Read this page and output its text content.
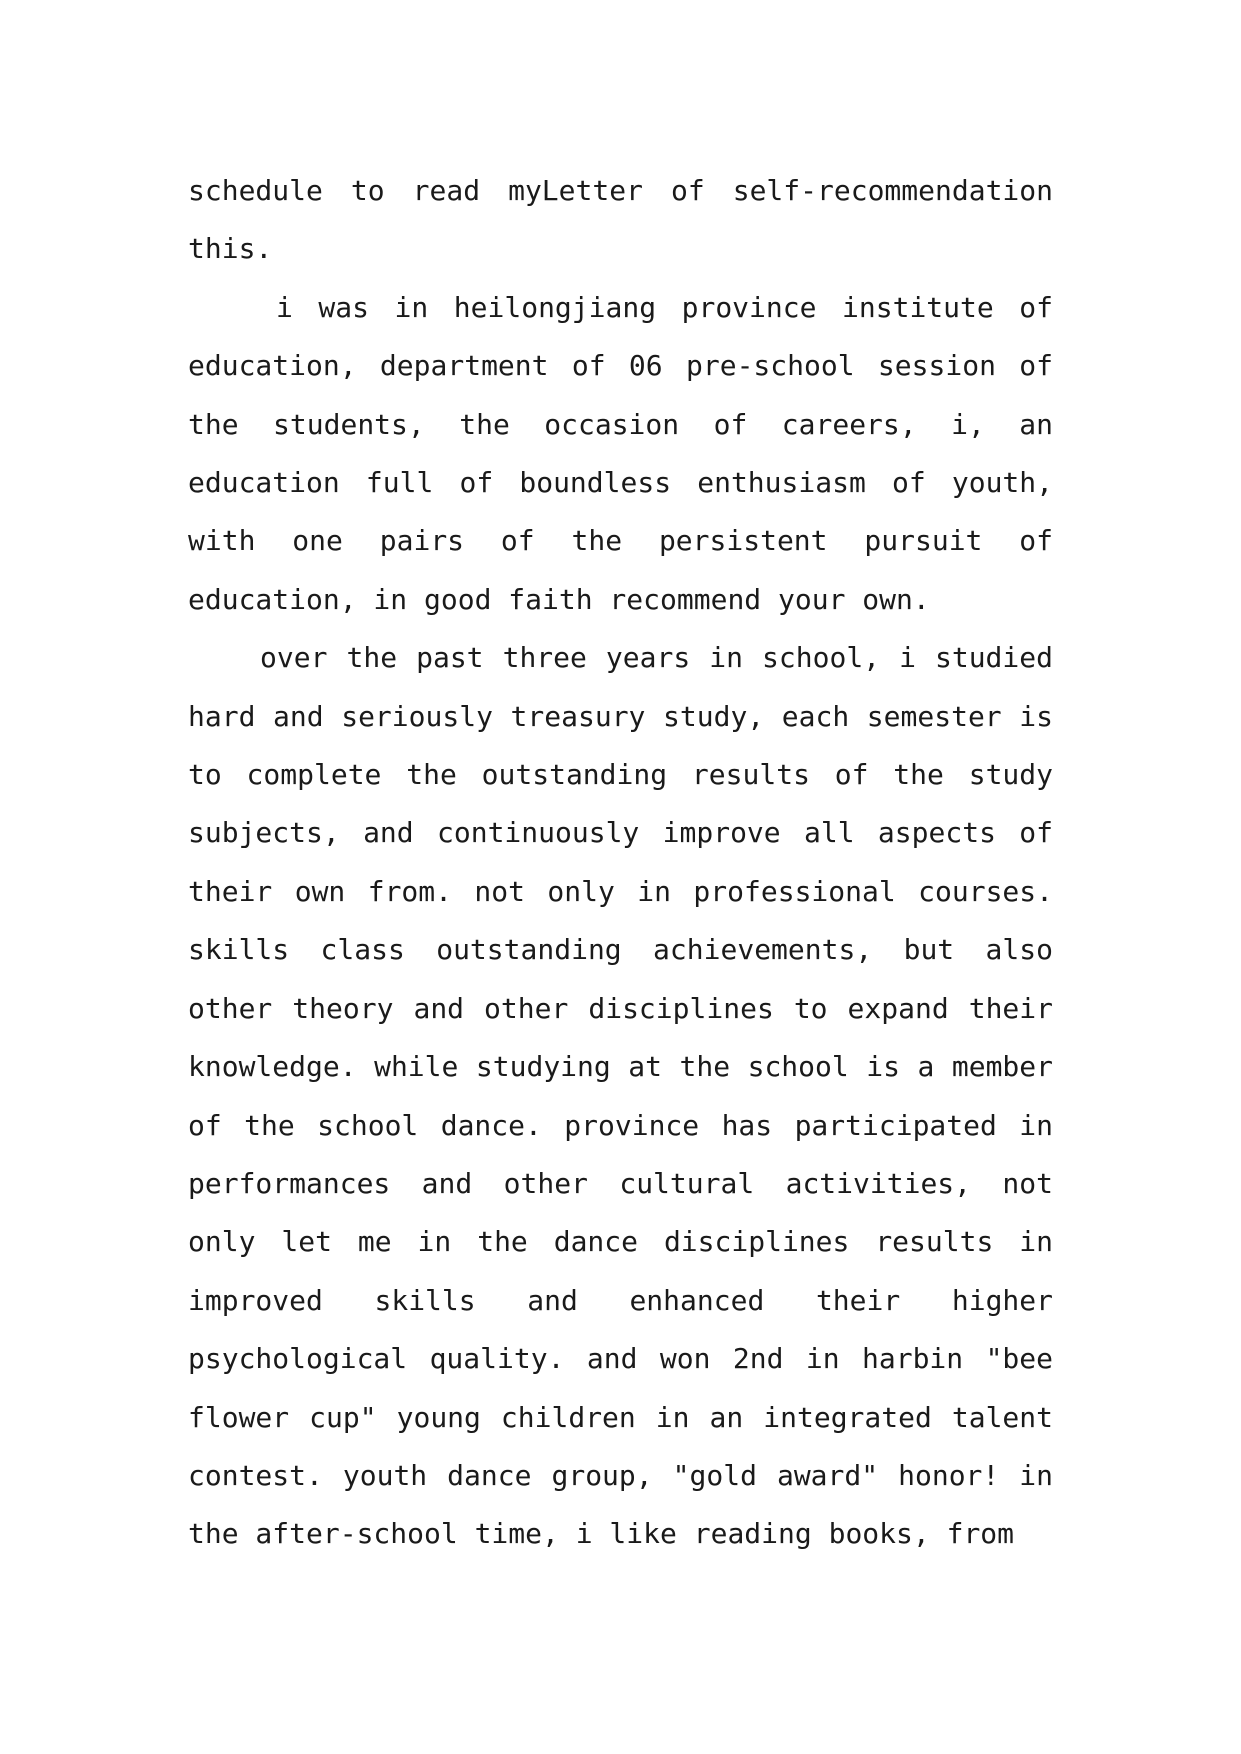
schedule to read myLetter of self-recommendation this.

i was in heilongjiang province institute of education, department of 06 pre-school session of the students, the occasion of careers, i, an education full of boundless enthusiasm of youth, with one pairs of the persistent pursuit of education, in good faith recommend your own.

over the past three years in school, i studied hard and seriously treasury study, each semester is to complete the outstanding results of the study subjects, and continuously improve all aspects of their own from. not only in professional courses. skills class outstanding achievements, but also other theory and other disciplines to expand their knowledge. while studying at the school is a member of the school dance. province has participated in performances and other cultural activities, not only let me in the dance disciplines results in improved skills and enhanced their higher psychological quality. and won 2nd in harbin "bee flower cup" young children in an integrated talent contest. youth dance group, "gold award" honor! in the after-school time, i like reading books, from
